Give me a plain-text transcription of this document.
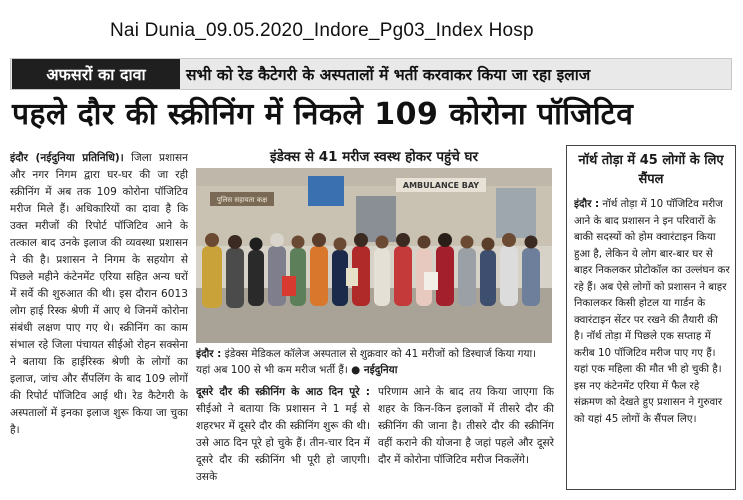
Nai Dunia_09.05.2020_Indore_Pg03_Index Hosp
अफसरों का दावा	सभी को रेड कैटेगरी के अस्पतालों में भर्ती करवाकर किया जा रहा इलाज
पहले दौर की स्क्रीनिंग में निकले 109 कोरोना पॉजिटिव
इंदौर (नईदुनिया प्रतिनिधि)। जिला प्रशासन और नगर निगम द्वारा घर-घर की जा रही स्क्रीनिंग में अब तक 109 कोरोना पॉजिटिव मरीज मिले हैं। अधिकारियों का दावा है कि उक्त मरीजों की रिपोर्ट पॉजिटिव आने के तत्काल बाद उनके इलाज की व्यवस्था प्रशासन ने की है। प्रशासन ने निगम के सहयोग से पिछले महीने कंटेनमेंट एरिया सहित अन्य घरों में सर्वे की शुरुआत की थी। इस दौरान 6013 लोग हाई रिस्क श्रेणी में आए थे जिनमें कोरोना संबंधी लक्षण पाए गए थे। स्क्रीनिंग का काम संभाल रहे जिला पंचायत सीईओ रोहन सक्सेना ने बताया कि हाईरिस्क श्रेणी के लोगों का इलाज, जांच और सैंपलिंग के बाद 109 लोगों की रिपोर्ट पॉजिटिव आई थी। रेड कैटेगरी के अस्पतालों में इनका इलाज शुरू किया जा चुका है।
इंडेक्स से 41 मरीज स्वस्थ होकर पहुंचे घर
पुलिस सहायता कक्ष
AMBULANCE BAY
इंदौर : इंडेक्स मेडिकल कॉलेज अस्पताल से शुक्रवार को 41 मरीजों को डिस्चार्ज किया गया। यहां अब 100 से भी कम मरीज भर्ती हैं। ● नईदुनिया
दूसरे दौर की स्क्रीनिंग के आठ दिन पूरे : सीईओ ने बताया कि प्रशासन ने 1 मई से शहरभर में दूसरे दौर की स्क्रीनिंग शुरू की थी। उसे आठ दिन पूरे हो चुके हैं। तीन-चार दिन में दूसरे दौर की स्क्रीनिंग भी पूरी हो जाएगी। उसके
परिणाम आने के बाद तय किया जाएगा कि शहर के किन-किन इलाकों में तीसरे दौर की स्क्रीनिंग की जाना है। तीसरे दौर की स्क्रीनिंग वहीं कराने की योजना है जहां पहले और दूसरे दौर में कोरोना पॉजिटिव मरीज निकलेंगे।
नॉर्थ तोड़ा में 45 लोगों के लिए सैंपल
इंदौर : नॉर्थ तोड़ा में 10 पॉजिटिव मरीज आने के बाद प्रशासन ने इन परिवारों के बाकी सदस्यों को होम क्वारंटाइन किया हुआ है, लेकिन ये लोग बार-बार घर से बाहर निकलकर प्रोटोकॉल का उल्लंघन कर रहे हैं। अब ऐसे लोगों को प्रशासन ने बाहर निकालकर किसी होटल या गार्डन के क्वारंटाइन सेंटर पर रखने की तैयारी की है। नॉर्थ तोड़ा में पिछले एक सप्ताह में करीब 10 पॉजिटिव मरीज पाए गए हैं। यहां एक महिला की मौत भी हो चुकी है। इस नए कंटेनमेंट एरिया में फैल रहे संक्रमण को देखते हुए प्रशासन ने गुरुवार को यहां 45 लोगों के सैंपल लिए।
